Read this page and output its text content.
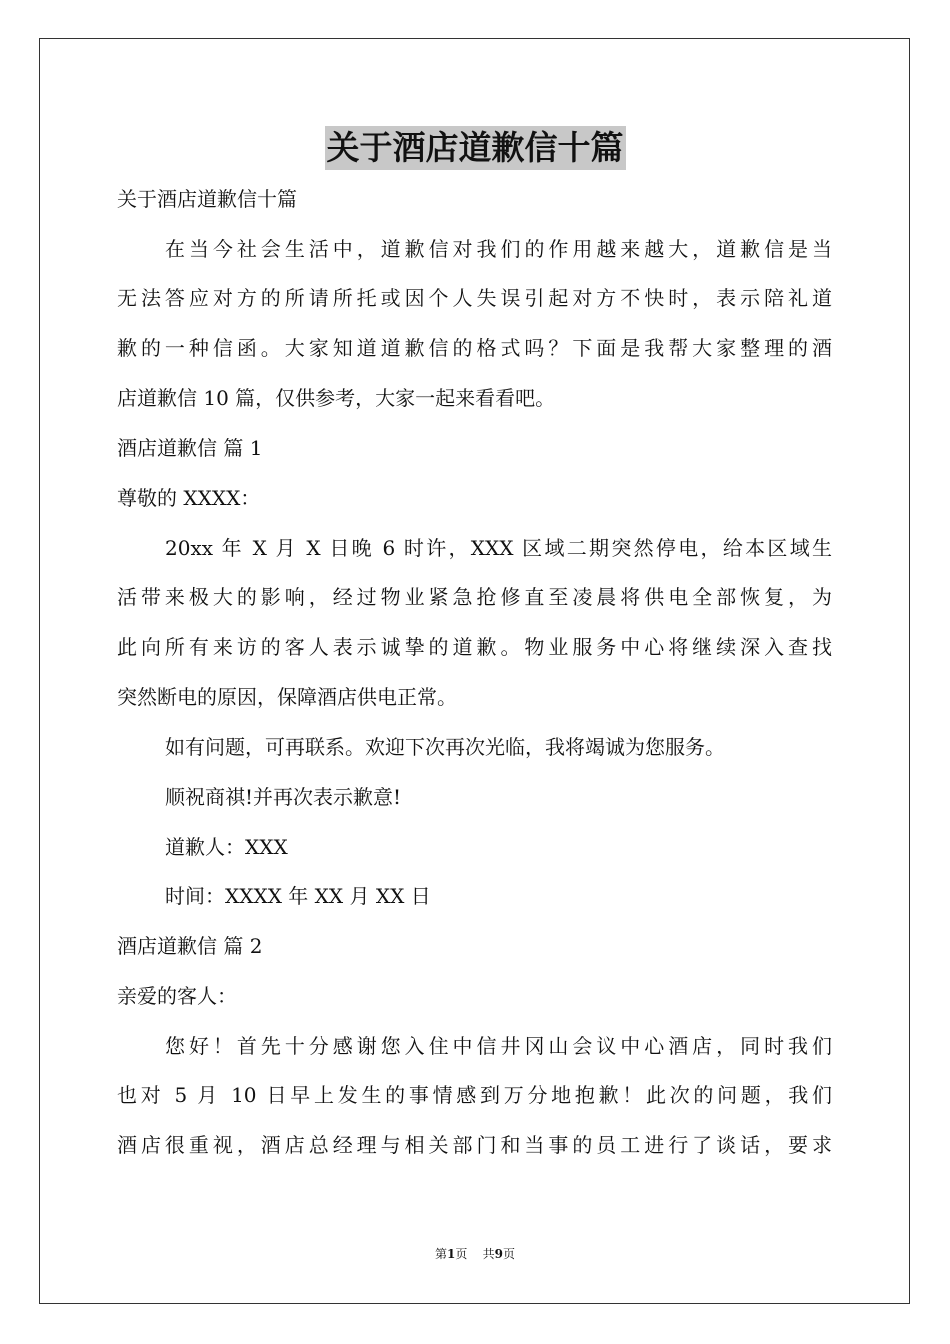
关于酒店道歉信十篇

关于酒店道歉信十篇

在当今社会生活中，道歉信对我们的作用越来越大，道歉信是当

无法答应对方的所请所托或因个人失误引起对方不快时，表示陪礼道

歉的一种信函。大家知道道歉信的格式吗？下面是我帮大家整理的酒

店道歉信 10 篇，仅供参考，大家一起来看看吧。

酒店道歉信 篇 1

尊敬的 XXXX：

20xx 年 X 月 X 日晚 6 时许，XXX 区域二期突然停电，给本区域生

活带来极大的影响，经过物业紧急抢修直至凌晨将供电全部恢复，为

此向所有来访的客人表示诚挚的道歉。物业服务中心将继续深入查找

突然断电的原因，保障酒店供电正常。

如有问题，可再联系。欢迎下次再次光临，我将竭诚为您服务。

顺祝商祺!并再次表示歉意!

道歉人：XXX

时间：XXXX 年 XX 月 XX 日

酒店道歉信 篇 2

亲爱的客人：

您好！首先十分感谢您入住中信井冈山会议中心酒店，同时我们

也对 5 月 10 日早上发生的事情感到万分地抱歉！此次的问题，我们

酒店很重视，酒店总经理与相关部门和当事的员工进行了谈话，要求

第1页 共9页
